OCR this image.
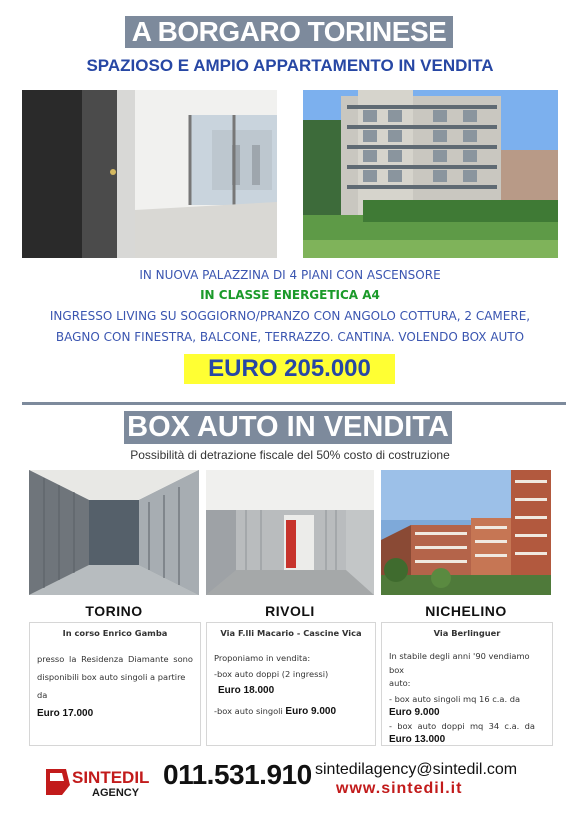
A BORGARO TORINESE
SPAZIOSO E AMPIO APPARTAMENTO IN VENDITA
IN NUOVA PALAZZINA DI 4 PIANI CON ASCENSORE
IN CLASSE ENERGETICA A4
INGRESSO LIVING SU SOGGIORNO/PRANZO CON ANGOLO COTTURA, 2 CAMERE,
BAGNO CON FINESTRA, BALCONE, TERRAZZO. CANTINA. VOLENDO BOX AUTO
EURO 205.000
BOX AUTO IN VENDITA
Possibilità di detrazione fiscale del 50% costo di costruzione
TORINO	RIVOLI	NICHELINO
In corso Enrico Gamba
presso la Residenza Diamante sono
disponibili box auto singoli a partire da
Euro 17.000
Via F.lli Macario - Cascine Vica
Proponiamo in vendita:
-box auto doppi (2 ingressi)
Euro 18.000
-box auto singoli Euro 9.000
Via Berlinguer
In stabile degli anni '90 vendiamo box
auto:
- box auto singoli mq 16 c.a. da
Euro 9.000
-  box  auto  doppi  mq  34  c.a.  da
Euro 13.000
SINTEDIL
AGENCY
011.531.910 sintedilagency@sintedil.com
www.sintedil.it
